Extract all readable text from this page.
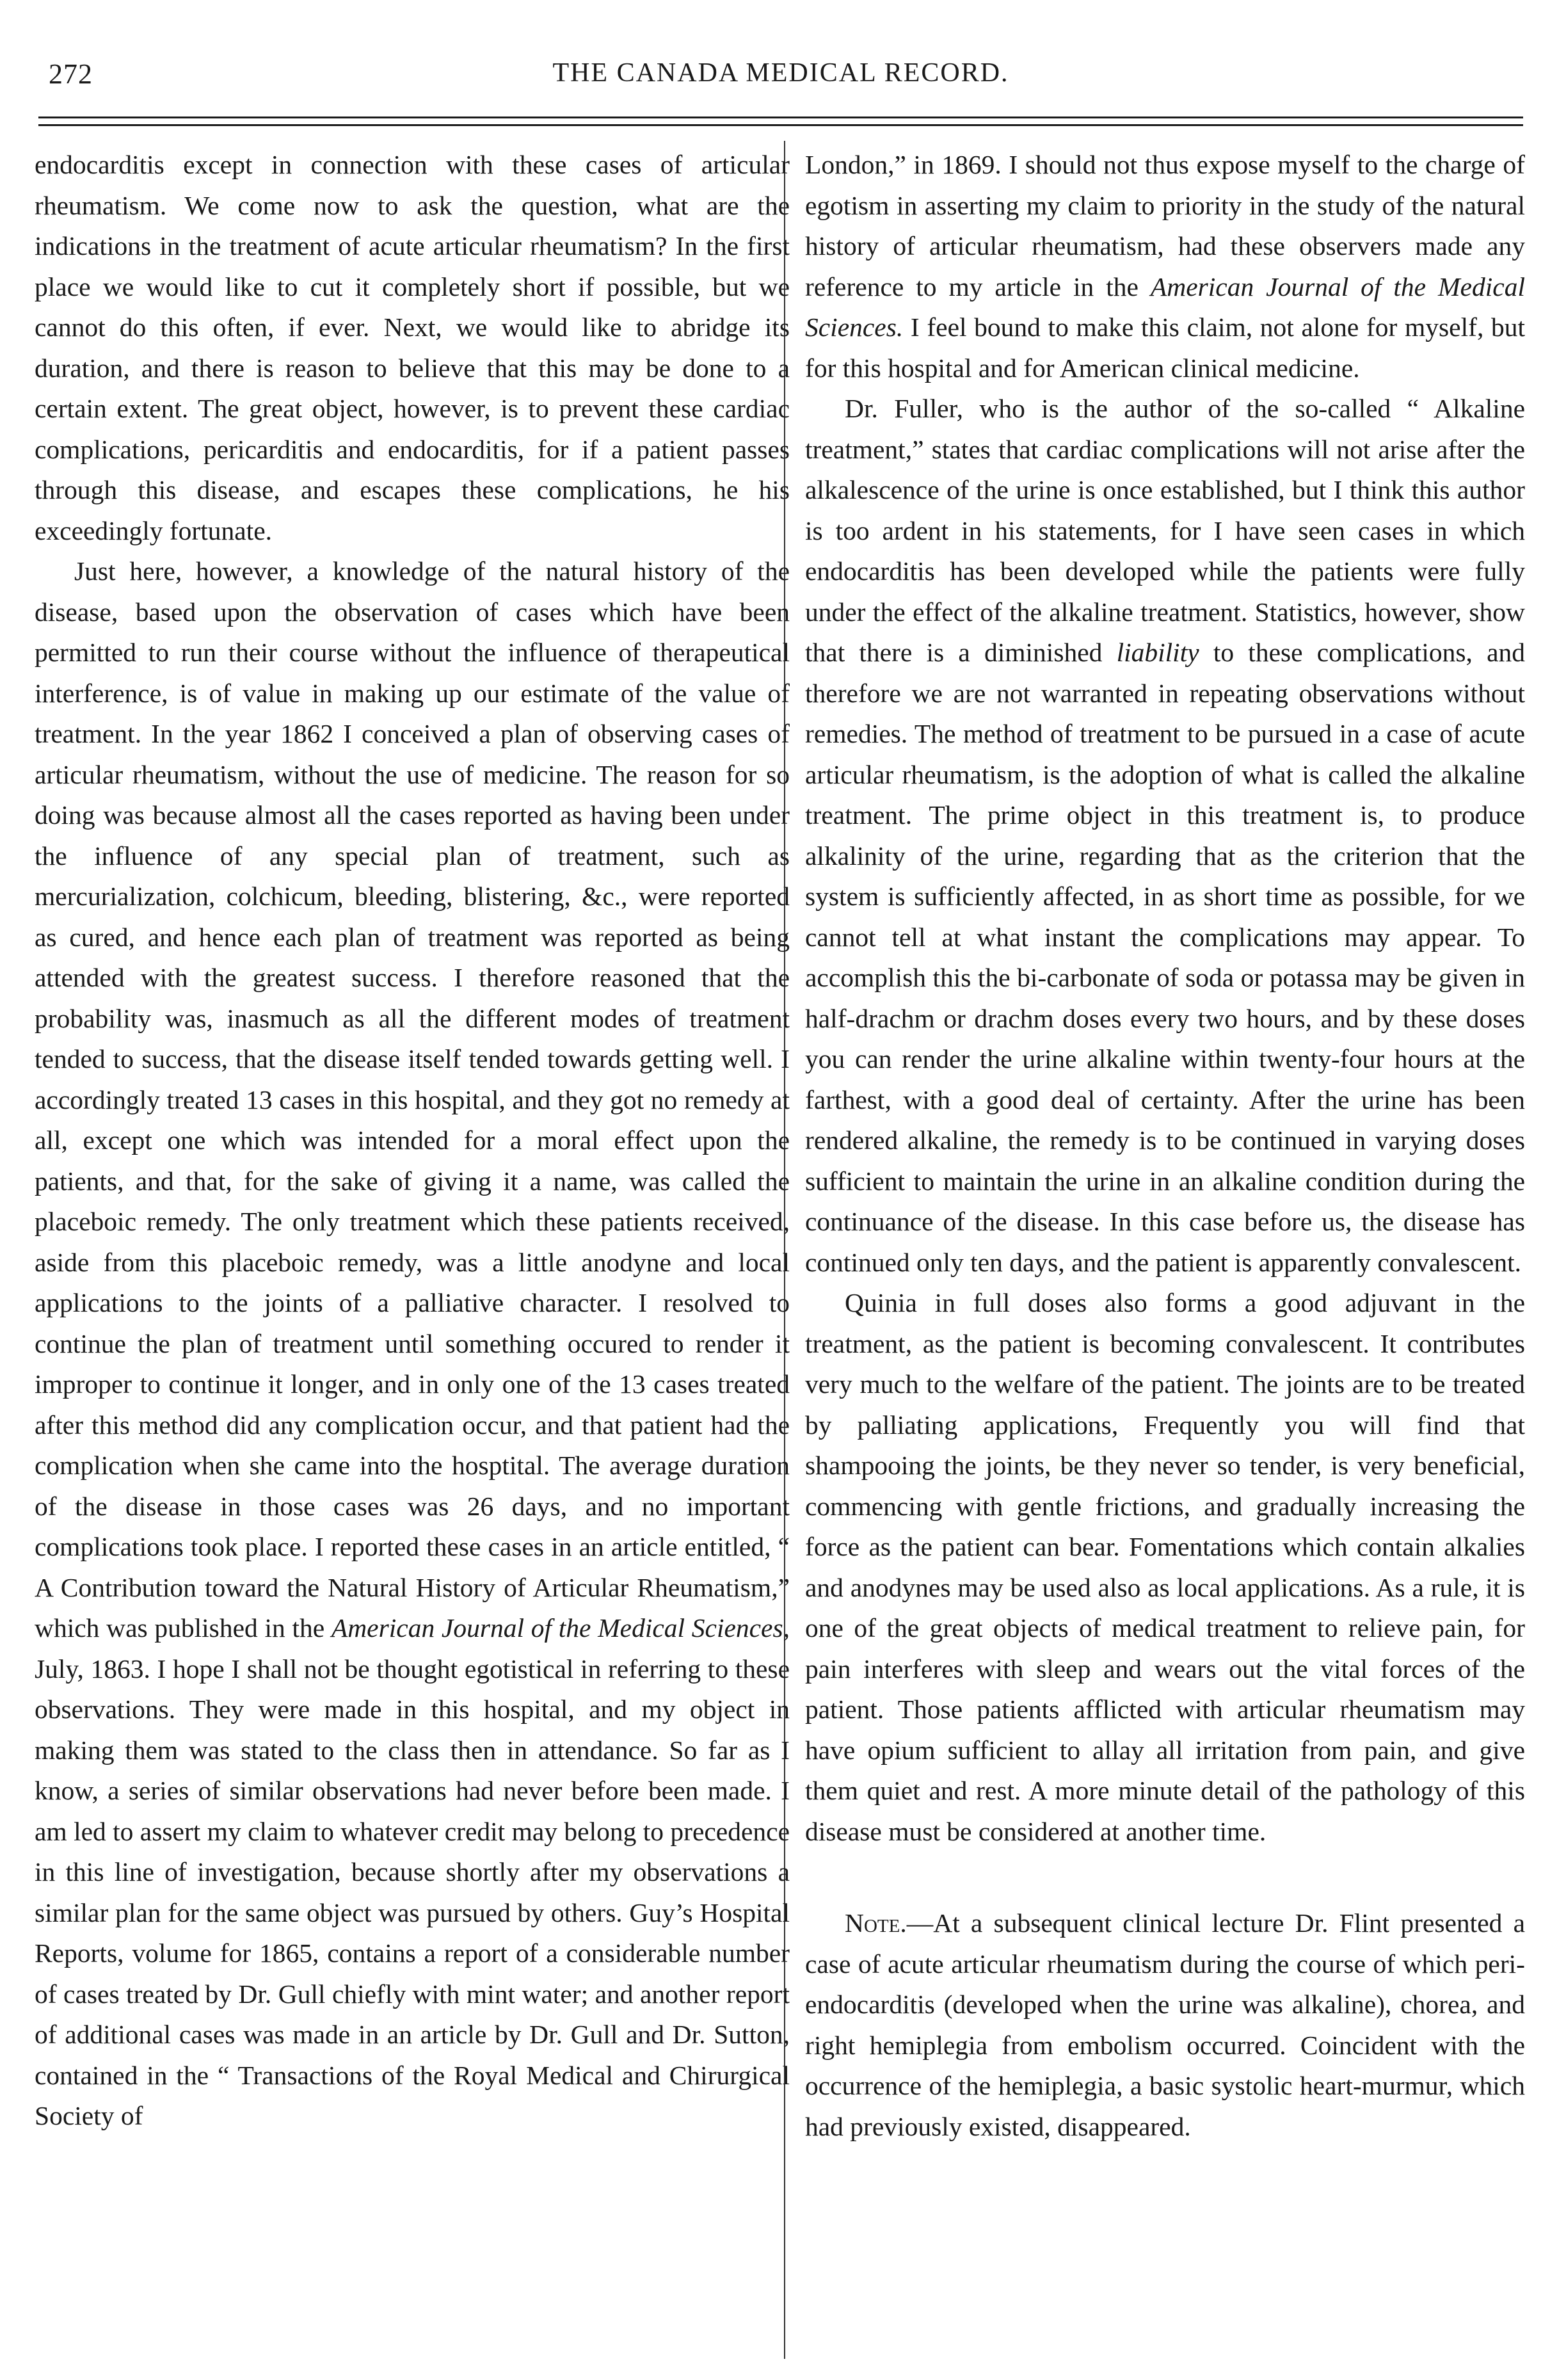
272	THE CANADA MEDICAL RECORD.

endocarditis except in connection with these cases of articular rheumatism. We come now to ask the question, what are the indications in the treatment of acute articular rheumatism? In the first place we would like to cut it completely short if possible, but we cannot do this often, if ever. Next, we would like to abridge its duration, and there is reason to believe that this may be done to a certain extent. The great object, however, is to prevent these cardiac complications, pericarditis and endocarditis, for if a patient passes through this disease, and escapes these complications, he his exceedingly fortunate.

Just here, however, a knowledge of the natural history of the disease, based upon the observation of cases which have been permitted to run their course without the influence of therapeutical interference, is of value in making up our estimate of the value of treatment. In the year 1862 I conceived a plan of observing cases of articular rheumatism, without the use of medicine. The reason for so doing was because almost all the cases reported as having been under the influence of any special plan of treatment, such as mercurialization, colchicum, bleeding, blistering, &c., were reported as cured, and hence each plan of treatment was reported as being attended with the greatest success. I therefore reasoned that the probability was, inasmuch as all the different modes of treatment tended to success, that the disease itself tended towards getting well. I accordingly treated 13 cases in this hospital, and they got no remedy at all, except one which was intended for a moral effect upon the patients, and that, for the sake of giving it a name, was called the placeboic remedy. The only treatment which these patients received, aside from this placeboic remedy, was a little anodyne and local applications to the joints of a palliative character. I resolved to continue the plan of treatment until something occured to render it improper to continue it longer, and in only one of the 13 cases treated after this method did any complication occur, and that patient had the complication when she came into the hosptital. The average duration of the disease in those cases was 26 days, and no important complications took place. I reported these cases in an article entitled, “ A Contribution toward the Natural History of Articular Rheumatism,” which was published in the American Journal of the Medical Sciences, July, 1863. I hope I shall not be thought egotistical in referring to these observations. They were made in this hospital, and my object in making them was stated to the class then in attendance. So far as I know, a series of similar observations had never before been made. I am led to assert my claim to whatever credit may belong to precedence in this line of investigation, because shortly after my observations a similar plan for the same object was pursued by others. Guy’s Hospital Reports, volume for 1865, contains a report of a considerable number of cases treated by Dr. Gull chiefly with mint water; and another report of additional cases was made in an article by Dr. Gull and Dr. Sutton, contained in the “ Transactions of the Royal Medical and Chirurgical Society of

London,” in 1869. I should not thus expose myself to the charge of egotism in asserting my claim to priority in the study of the natural history of articular rheumatism, had these observers made any reference to my article in the American Journal of the Medical Sciences. I feel bound to make this claim, not alone for myself, but for this hospital and for American clinical medicine.

Dr. Fuller, who is the author of the so-called “ Alkaline treatment,” states that cardiac complications will not arise after the alkalescence of the urine is once established, but I think this author is too ardent in his statements, for I have seen cases in which endocarditis has been developed while the patients were fully under the effect of the alkaline treatment. Statistics, however, show that there is a diminished liability to these complications, and therefore we are not warranted in repeating observations without remedies. The method of treatment to be pursued in a case of acute articular rheumatism, is the adoption of what is called the alkaline treatment. The prime object in this treatment is, to produce alkalinity of the urine, regarding that as the criterion that the system is sufficiently affected, in as short time as possible, for we cannot tell at what instant the complications may appear. To accomplish this the bi-carbonate of soda or potassa may be given in half-drachm or drachm doses every two hours, and by these doses you can render the urine alkaline within twenty-four hours at the farthest, with a good deal of certainty. After the urine has been rendered alkaline, the remedy is to be continued in varying doses sufficient to maintain the urine in an alkaline condition during the continuance of the disease. In this case before us, the disease has continued only ten days, and the patient is apparently convalescent.

Quinia in full doses also forms a good adjuvant in the treatment, as the patient is becoming convalescent. It contributes very much to the welfare of the patient. The joints are to be treated by palliating applications, Frequently you will find that shampooing the joints, be they never so tender, is very beneficial, commencing with gentle frictions, and gradually increasing the force as the patient can bear. Fomentations which contain alkalies and anodynes may be used also as local applications. As a rule, it is one of the great objects of medical treatment to relieve pain, for pain interferes with sleep and wears out the vital forces of the patient. Those patients afflicted with articular rheumatism may have opium sufficient to allay all irritation from pain, and give them quiet and rest. A more minute detail of the pathology of this disease must be considered at another time.

Note.—At a subsequent clinical lecture Dr. Flint presented a case of acute articular rheumatism during the course of which peri-endocarditis (developed when the urine was alkaline), chorea, and right hemiplegia from embolism occurred. Coincident with the occurrence of the hemiplegia, a basic systolic heart-murmur, which had previously existed, disappeared.
